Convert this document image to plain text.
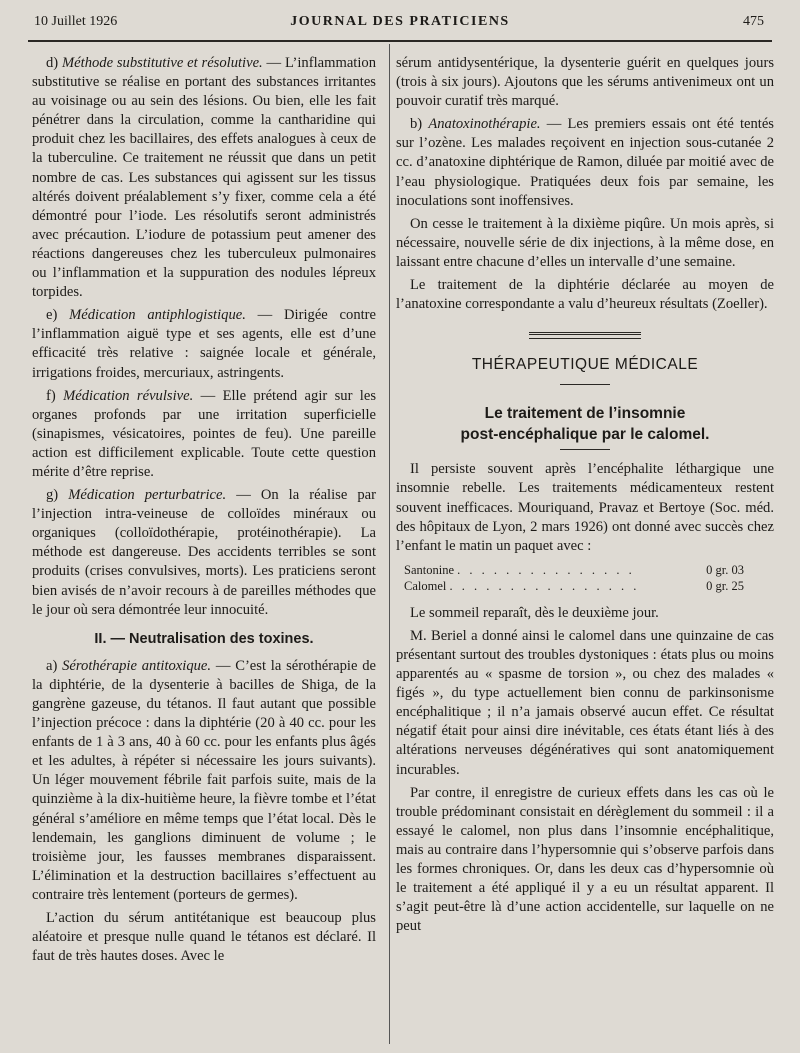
10 Juillet 1926	JOURNAL DES PRATICIENS	475

d) Méthode substitutive et résolutive. — L’inflammation substitutive se réalise en portant des substances irritantes au voisinage ou au sein des lésions. Ou bien, elle les fait pénétrer dans la circulation, comme la cantharidine qui produit chez les bacillaires, des effets analogues à ceux de la tuberculine. Ce traitement ne réussit que dans un petit nombre de cas. Les substances qui agissent sur les tissus altérés doivent préalablement s’y fixer, comme cela a été démontré pour l’iode. Les résolutifs seront administrés avec précaution. L’iodure de potassium peut amener des réactions dangereuses chez les tuberculeux pulmonaires ou l’inflammation et la suppuration des nodules lépreux torpides.

e) Médication antiphlogistique. — Dirigée contre l’inflammation aiguë type et ses agents, elle est d’une efficacité très relative : saignée locale et générale, irrigations froides, mercuriaux, astringents.

f) Médication révulsive. — Elle prétend agir sur les organes profonds par une irritation superficielle (sinapismes, vésicatoires, pointes de feu). Une pareille action est difficilement explicable. Toute cette question mérite d’être reprise.

g) Médication perturbatrice. — On la réalise par l’injection intra-veineuse de colloïdes minéraux ou organiques (colloïdothérapie, protéinothérapie). La méthode est dangereuse. Des accidents terribles se sont produits (crises convulsives, morts). Les praticiens seront bien avisés de n’avoir recours à de pareilles méthodes que le jour où sera démontrée leur innocuité.

II. — Neutralisation des toxines.

a) Sérothérapie antitoxique. — C’est la sérothérapie de la diphtérie, de la dysenterie à bacilles de Shiga, de la gangrène gazeuse, du tétanos. Il faut autant que possible l’injection précoce : dans la diphtérie (20 à 40 cc. pour les enfants de 1 à 3 ans, 40 à 60 cc. pour les enfants plus âgés et les adultes, à répéter si nécessaire les jours suivants). Un léger mouvement fébrile fait parfois suite, mais de la quinzième à la dix-huitième heure, la fièvre tombe et l’état général s’améliore en même temps que l’état local. Dès le lendemain, les ganglions diminuent de volume ; le troisième jour, les fausses membranes disparaissent. L’élimination et la destruction bacillaires s’effectuent au contraire très lentement (porteurs de germes).

L’action du sérum antitétanique est beaucoup plus aléatoire et presque nulle quand le tétanos est déclaré. Il faut de très hautes doses. Avec le

sérum antidysentérique, la dysenterie guérit en quelques jours (trois à six jours). Ajoutons que les sérums antivenimeux ont un pouvoir curatif très marqué.

b) Anatoxinothérapie. — Les premiers essais ont été tentés sur l’ozène. Les malades reçoivent en injection sous-cutanée 2 cc. d’anatoxine diphtérique de Ramon, diluée par moitié avec de l’eau physiologique. Pratiquées deux fois par semaine, les inoculations sont inoffensives.

On cesse le traitement à la dixième piqûre. Un mois après, si nécessaire, nouvelle série de dix injections, à la même dose, en laissant entre chacune d’elles un intervalle d’une semaine.

Le traitement de la diphtérie déclarée au moyen de l’anatoxine correspondante a valu d’heureux résultats (Zoeller).

THÉRAPEUTIQUE MÉDICALE
Le traitement de l’insomnie
post-encéphalique par le calomel.

Il persiste souvent après l’encéphalite léthargique une insomnie rebelle. Les traitements médicamenteux restent souvent inefficaces. Mouriquand, Pravaz et Bertoye (Soc. méd. des hôpitaux de Lyon, 2 mars 1926) ont donné avec succès chez l’enfant le matin un paquet avec :

Santonine . . . . . . . . . . . . . . .	0 gr. 03
Calomel . . . . . . . . . . . . . . . .	0 gr. 25

Le sommeil reparaît, dès le deuxième jour.

M. Beriel a donné ainsi le calomel dans une quinzaine de cas présentant surtout des troubles dystoniques : états plus ou moins apparentés au « spasme de torsion », ou chez des malades « figés », du type actuellement bien connu de parkinsonisme encéphalitique ; il n’a jamais observé aucun effet. Ce résultat négatif était pour ainsi dire inévitable, ces états étant liés à des altérations nerveuses dégénératives qui sont anatomiquement incurables.

Par contre, il enregistre de curieux effets dans les cas où le trouble prédominant consistait en dérèglement du sommeil : il a essayé le calomel, non plus dans l’insomnie encéphalitique, mais au contraire dans l’hypersomnie qui s’observe parfois dans les formes chroniques. Or, dans les deux cas d’hypersomnie où le traitement a été appliqué il y a eu un résultat apparent. Il s’agit peut-être là d’une action accidentelle, sur laquelle on ne peut
